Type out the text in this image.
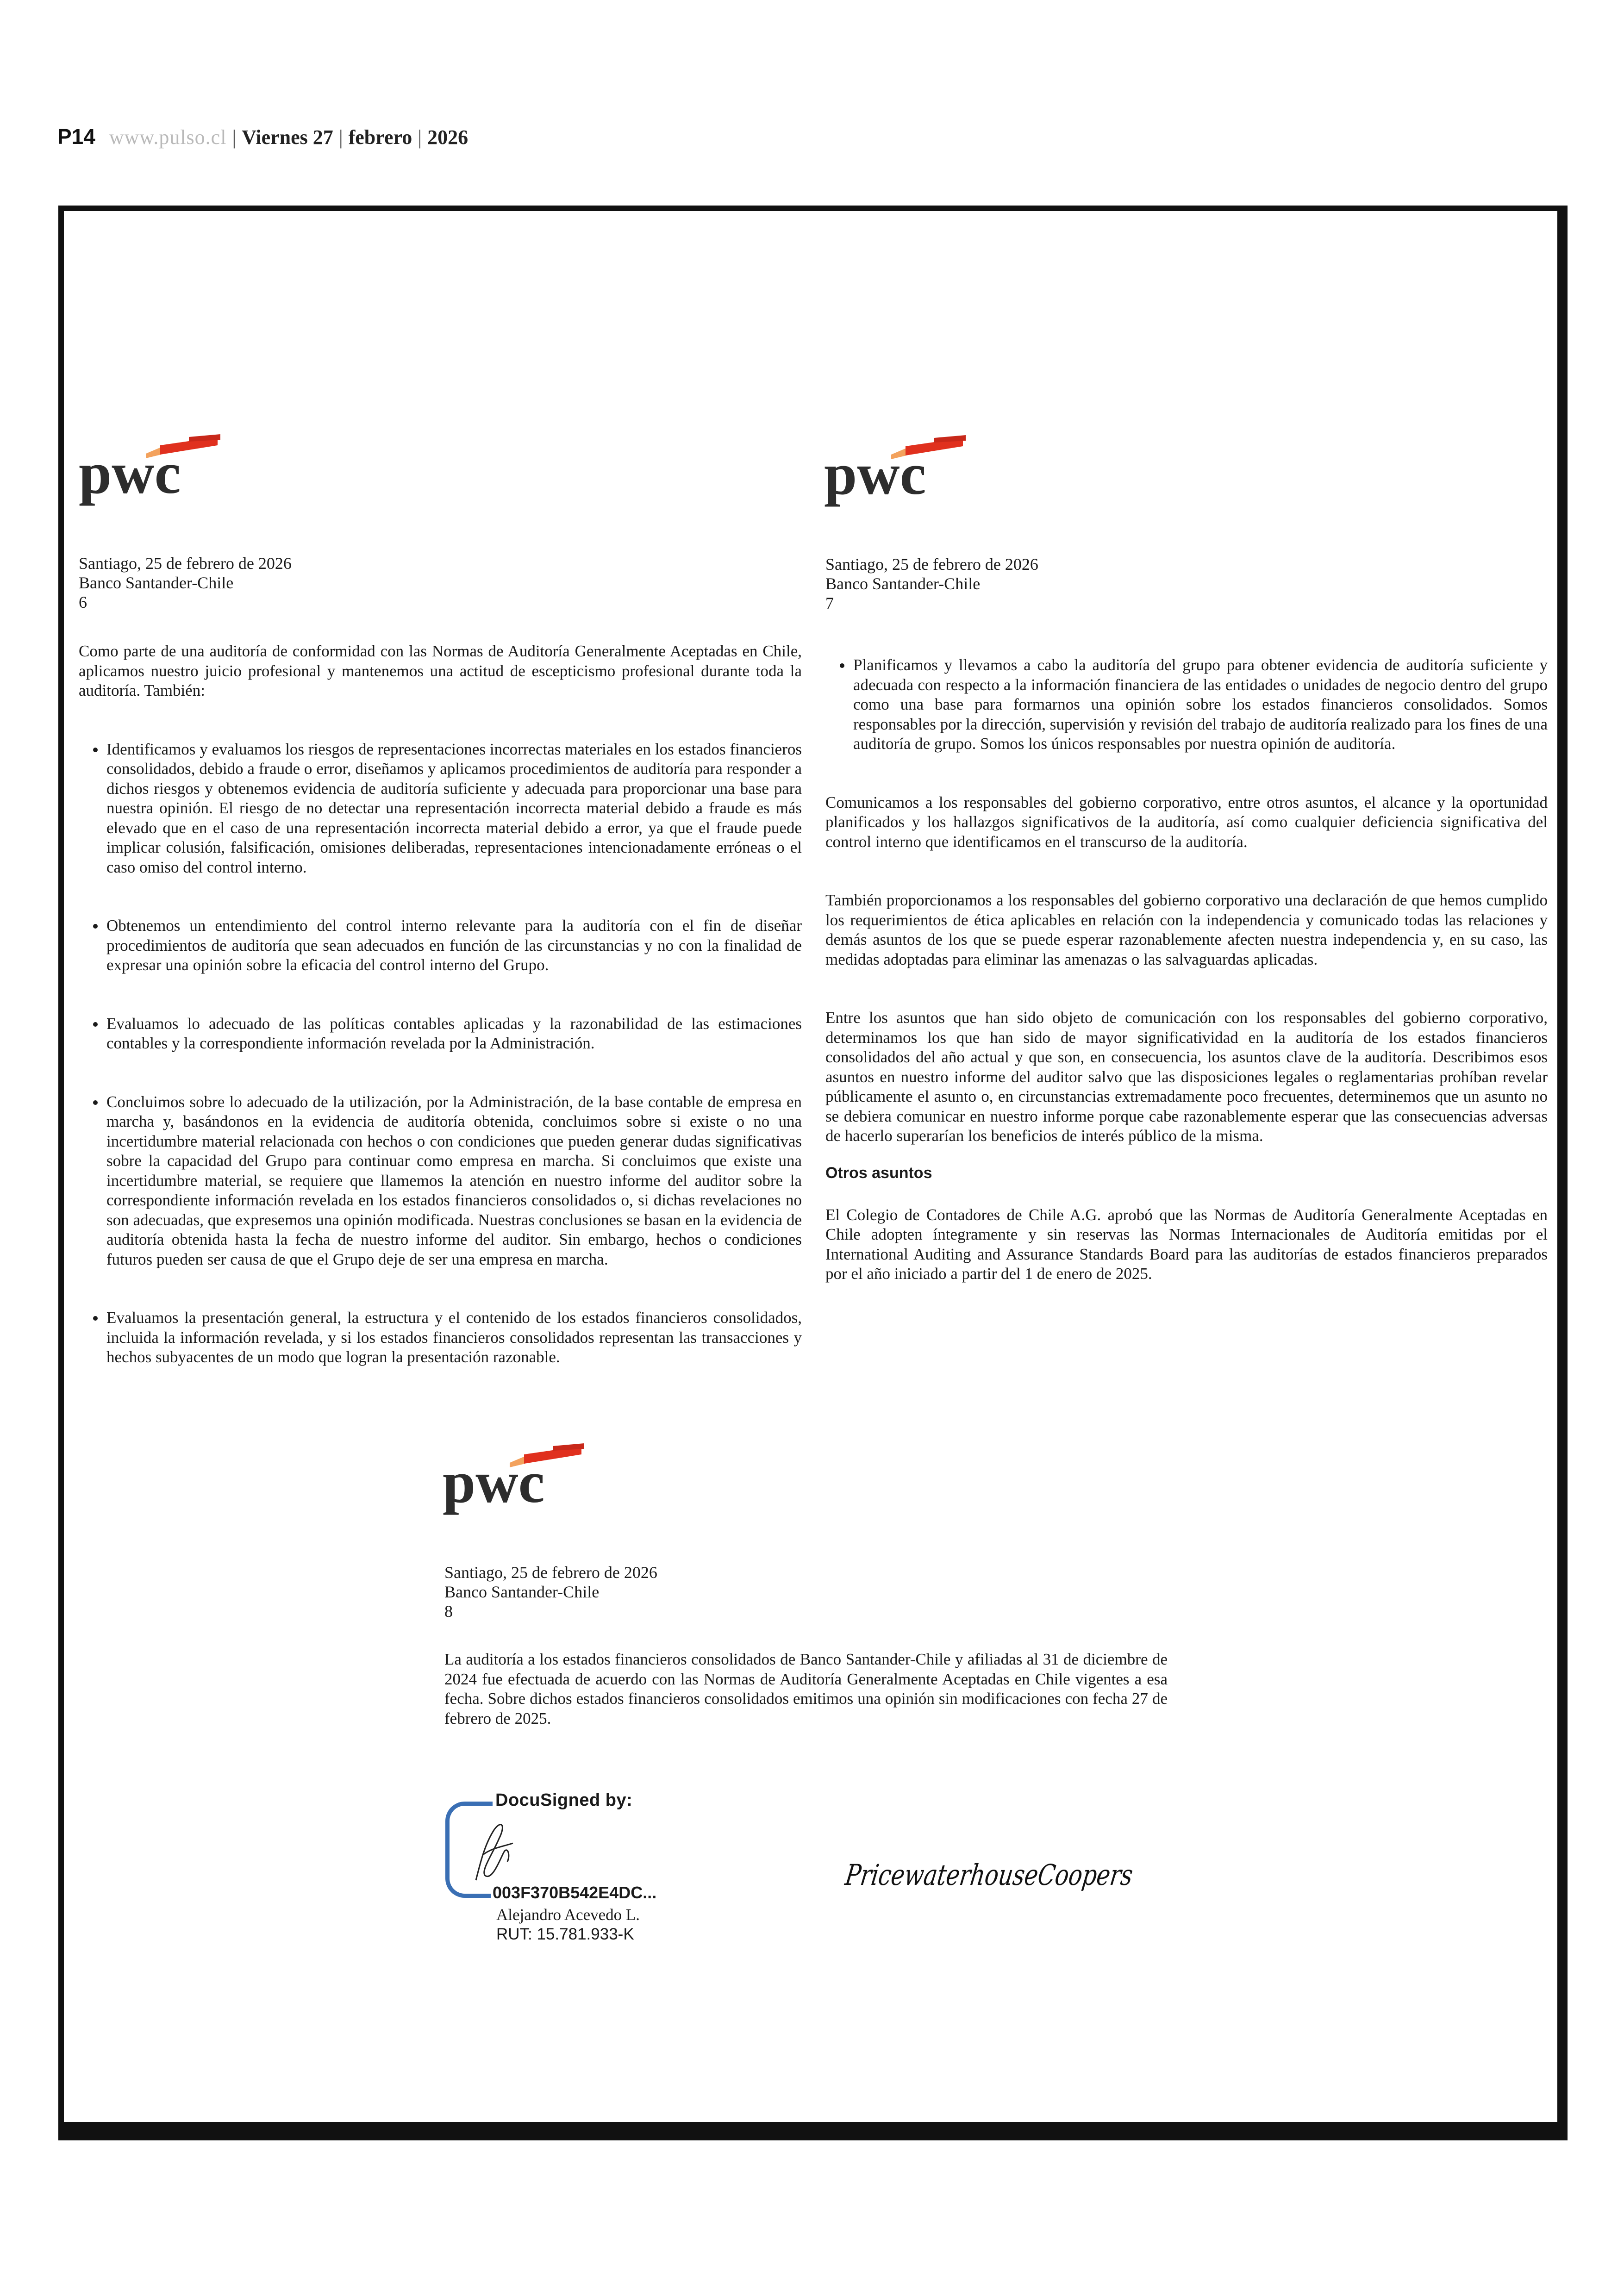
P14 www.pulso.cl | Viernes 27 | febrero | 2026
pwc
Santiago, 25 de febrero de 2026
Banco Santander-Chile
6
pwc
Santiago, 25 de febrero de 2026
Banco Santander-Chile
7

Como parte de una auditoría de conformidad con las Normas de Auditoría Generalmente Aceptadas en Chile, aplicamos nuestro juicio profesional y mantenemos una actitud de escepticismo profesional durante toda la auditoría. También:

• Identificamos y evaluamos los riesgos de representaciones incorrectas materiales en los estados financieros consolidados, debido a fraude o error, diseñamos y aplicamos procedimientos de auditoría para responder a dichos riesgos y obtenemos evidencia de auditoría suficiente y adecuada para proporcionar una base para nuestra opinión. El riesgo de no detectar una representación incorrecta material debido a fraude es más elevado que en el caso de una representación incorrecta material debido a error, ya que el fraude puede implicar colusión, falsificación, omisiones deliberadas, representaciones intencionadamente erróneas o el caso omiso del control interno.
• Obtenemos un entendimiento del control interno relevante para la auditoría con el fin de diseñar procedimientos de auditoría que sean adecuados en función de las circunstancias y no con la finalidad de expresar una opinión sobre la eficacia del control interno del Grupo.
• Evaluamos lo adecuado de las políticas contables aplicadas y la razonabilidad de las estimaciones contables y la correspondiente información revelada por la Administración.
• Concluimos sobre lo adecuado de la utilización, por la Administración, de la base contable de empresa en marcha y, basándonos en la evidencia de auditoría obtenida, concluimos sobre si existe o no una incertidumbre material relacionada con hechos o con condiciones que pueden generar dudas significativas sobre la capacidad del Grupo para continuar como empresa en marcha. Si concluimos que existe una incertidumbre material, se requiere que llamemos la atención en nuestro informe del auditor sobre la correspondiente información revelada en los estados financieros consolidados o, si dichas revelaciones no son adecuadas, que expresemos una opinión modificada. Nuestras conclusiones se basan en la evidencia de auditoría obtenida hasta la fecha de nuestro informe del auditor. Sin embargo, hechos o condiciones futuros pueden ser causa de que el Grupo deje de ser una empresa en marcha.
• Evaluamos la presentación general, la estructura y el contenido de los estados financieros consolidados, incluida la información revelada, y si los estados financieros consolidados representan las transacciones y hechos subyacentes de un modo que logran la presentación razonable.
• Planificamos y llevamos a cabo la auditoría del grupo para obtener evidencia de auditoría suficiente y adecuada con respecto a la información financiera de las entidades o unidades de negocio dentro del grupo como una base para formarnos una opinión sobre los estados financieros consolidados. Somos responsables por la dirección, supervisión y revisión del trabajo de auditoría realizado para los fines de una auditoría de grupo. Somos los únicos responsables por nuestra opinión de auditoría.

Comunicamos a los responsables del gobierno corporativo, entre otros asuntos, el alcance y la oportunidad planificados y los hallazgos significativos de la auditoría, así como cualquier deficiencia significativa del control interno que identificamos en el transcurso de la auditoría.

También proporcionamos a los responsables del gobierno corporativo una declaración de que hemos cumplido los requerimientos de ética aplicables en relación con la independencia y comunicado todas las relaciones y demás asuntos de los que se puede esperar razonablemente afecten nuestra independencia y, en su caso, las medidas adoptadas para eliminar las amenazas o las salvaguardas aplicadas.

Entre los asuntos que han sido objeto de comunicación con los responsables del gobierno corporativo, determinamos los que han sido de mayor significatividad en la auditoría de los estados financieros consolidados del año actual y que son, en consecuencia, los asuntos clave de la auditoría. Describimos esos asuntos en nuestro informe del auditor salvo que las disposiciones legales o reglamentarias prohíban revelar públicamente el asunto o, en circunstancias extremadamente poco frecuentes, determinemos que un asunto no se debiera comunicar en nuestro informe porque cabe razonablemente esperar que las consecuencias adversas de hacerlo superarían los beneficios de interés público de la misma.

Otros asuntos

El Colegio de Contadores de Chile A.G. aprobó que las Normas de Auditoría Generalmente Aceptadas en Chile adopten íntegramente y sin reservas las Normas Internacionales de Auditoría emitidas por el International Auditing and Assurance Standards Board para las auditorías de estados financieros preparados por el año iniciado a partir del 1 de enero de 2025.

pwc
Santiago, 25 de febrero de 2026
Banco Santander-Chile
8

La auditoría a los estados financieros consolidados de Banco Santander-Chile y afiliadas al 31 de diciembre de 2024 fue efectuada de acuerdo con las Normas de Auditoría Generalmente Aceptadas en Chile vigentes a esa fecha. Sobre dichos estados financieros consolidados emitimos una opinión sin modificaciones con fecha 27 de febrero de 2025.

DocuSigned by:
003F370B542E4DC...
Alejandro Acevedo L.
RUT: 15.781.933-K
PricewaterhouseCoopers
